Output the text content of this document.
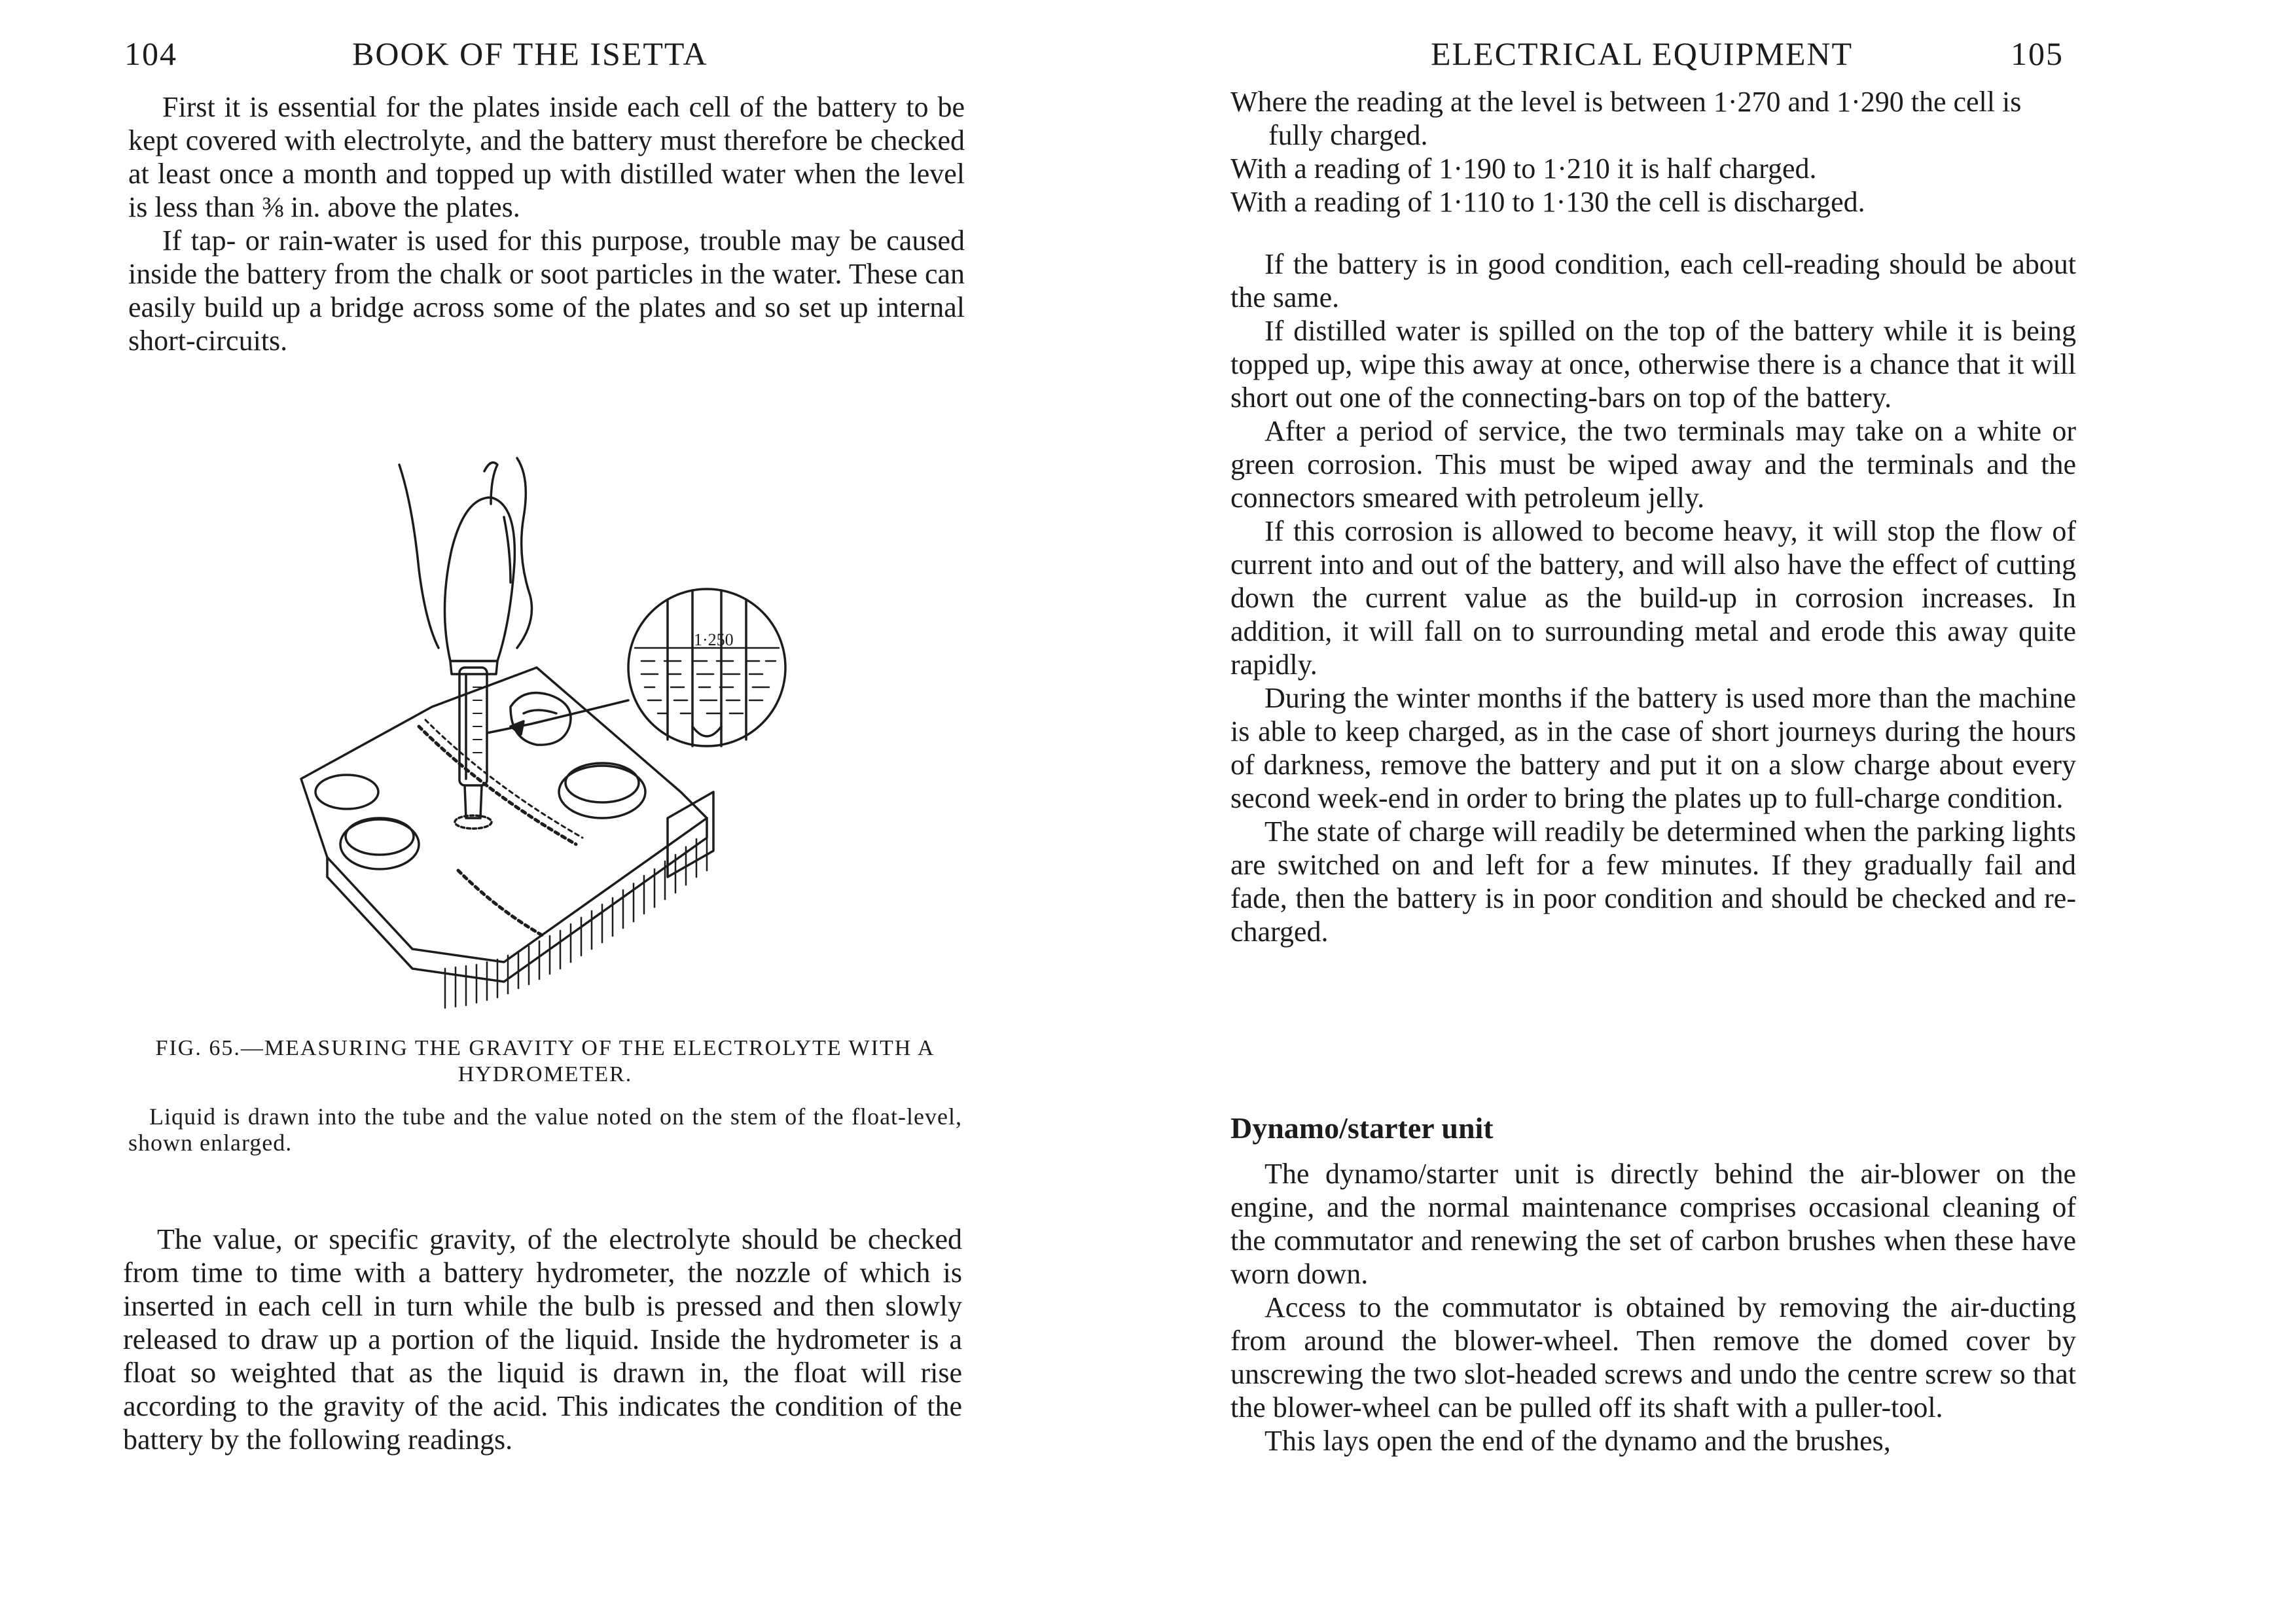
104	BOOK OF THE ISETTA

First it is essential for the plates inside each cell of the battery to be kept covered with electrolyte, and the battery must therefore be checked at least once a month and topped up with distilled water when the level is less than ⅜ in. above the plates.

If tap- or rain-water is used for this purpose, trouble may be caused inside the battery from the chalk or soot particles in the water. These can easily build up a bridge across some of the plates and so set up internal short-circuits.

1·250
FIG. 65.—MEASURING THE GRAVITY OF THE ELECTROLYTE WITH A HYDROMETER.

Liquid is drawn into the tube and the value noted on the stem of the float-level, shown enlarged.

The value, or specific gravity, of the electrolyte should be checked from time to time with a battery hydrometer, the nozzle of which is inserted in each cell in turn while the bulb is pressed and then slowly released to draw up a portion of the liquid. Inside the hydrometer is a float so weighted that as the liquid is drawn in, the float will rise according to the gravity of the acid. This indicates the condition of the battery by the following readings.

ELECTRICAL EQUIPMENT	105

Where the reading at the level is between 1·270 and 1·290 the cell is fully charged.

With a reading of 1·190 to 1·210 it is half charged.

With a reading of 1·110 to 1·130 the cell is discharged.

If the battery is in good condition, each cell-reading should be about the same.

If distilled water is spilled on the top of the battery while it is being topped up, wipe this away at once, otherwise there is a chance that it will short out one of the connecting-bars on top of the battery.

After a period of service, the two terminals may take on a white or green corrosion. This must be wiped away and the terminals and the connectors smeared with petroleum jelly.

If this corrosion is allowed to become heavy, it will stop the flow of current into and out of the battery, and will also have the effect of cutting down the current value as the build-up in corrosion increases. In addition, it will fall on to surrounding metal and erode this away quite rapidly.

During the winter months if the battery is used more than the machine is able to keep charged, as in the case of short journeys during the hours of darkness, remove the battery and put it on a slow charge about every second week-end in order to bring the plates up to full-charge condition.

The state of charge will readily be determined when the parking lights are switched on and left for a few minutes. If they gradually fail and fade, then the battery is in poor condition and should be checked and re-charged.

Dynamo/starter unit

The dynamo/starter unit is directly behind the air-blower on the engine, and the normal maintenance comprises occasional cleaning of the commutator and renewing the set of carbon brushes when these have worn down.

Access to the commutator is obtained by removing the air-ducting from around the blower-wheel. Then remove the domed cover by unscrewing the two slot-headed screws and undo the centre screw so that the blower-wheel can be pulled off its shaft with a puller-tool.

This lays open the end of the dynamo and the brushes,
